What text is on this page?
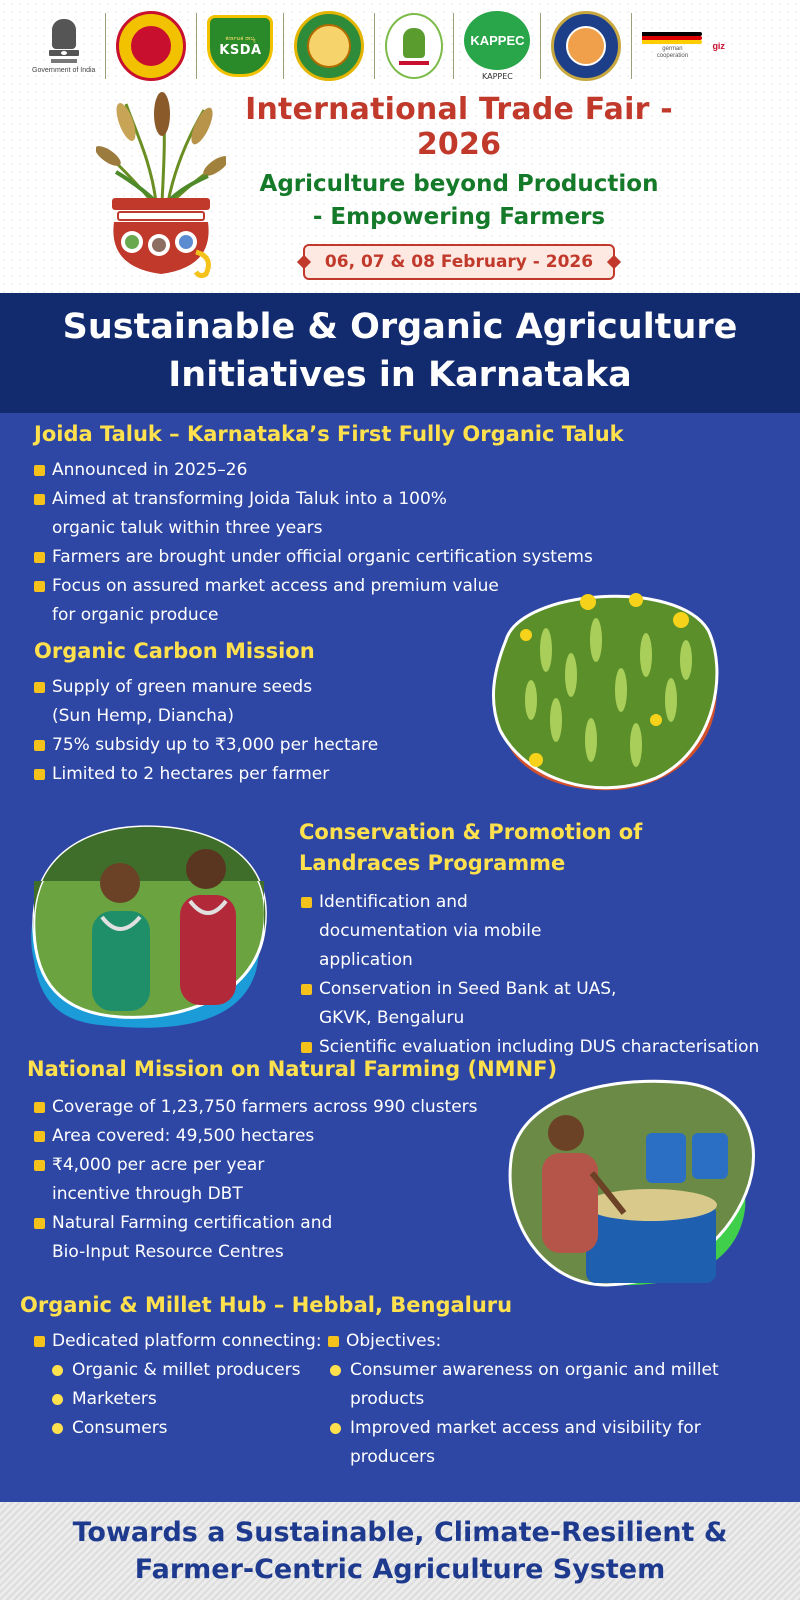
Government of India
ಕರ್ನಾಟಕ ರಾಜ್ಯ
KSDA
KAPPEC
KAPPEC
german
cooperation
giz
International Trade Fair - 2026
Agriculture beyond Production
- Empowering Farmers
06, 07 & 08 February - 2026
Sustainable & Organic Agriculture
Initiatives in Karnataka
Joida Taluk – Karnataka’s First Fully Organic Taluk
Announced in 2025–26
Aimed at transforming Joida Taluk into a 100% organic taluk within three years
Farmers are brought under official organic certification systems
Focus on assured market access and premium value for organic produce
Organic Carbon Mission
Supply of green manure seeds (Sun Hemp, Diancha)
75% subsidy up to ₹3,000 per hectare
Limited to 2 hectares per farmer
Conservation & Promotion of
Landraces Programme
Identification and documentation via mobile application
Conservation in Seed Bank at UAS, GKVK, Bengaluru
Scientific evaluation including DUS characterisation
National Mission on Natural Farming (NMNF)
Coverage of 1,23,750 farmers across 990 clusters
Area covered: 49,500 hectares
₹4,000 per acre per year incentive through DBT
Natural Farming certification and Bio-Input Resource Centres
Organic & Millet Hub – Hebbal, Bengaluru
Dedicated platform connecting:
Organic & millet producers
Marketers
Consumers
Objectives:
Consumer awareness on organic and millet products
Improved market access and visibility for producers
Towards a Sustainable, Climate-Resilient &
Farmer-Centric Agriculture System
